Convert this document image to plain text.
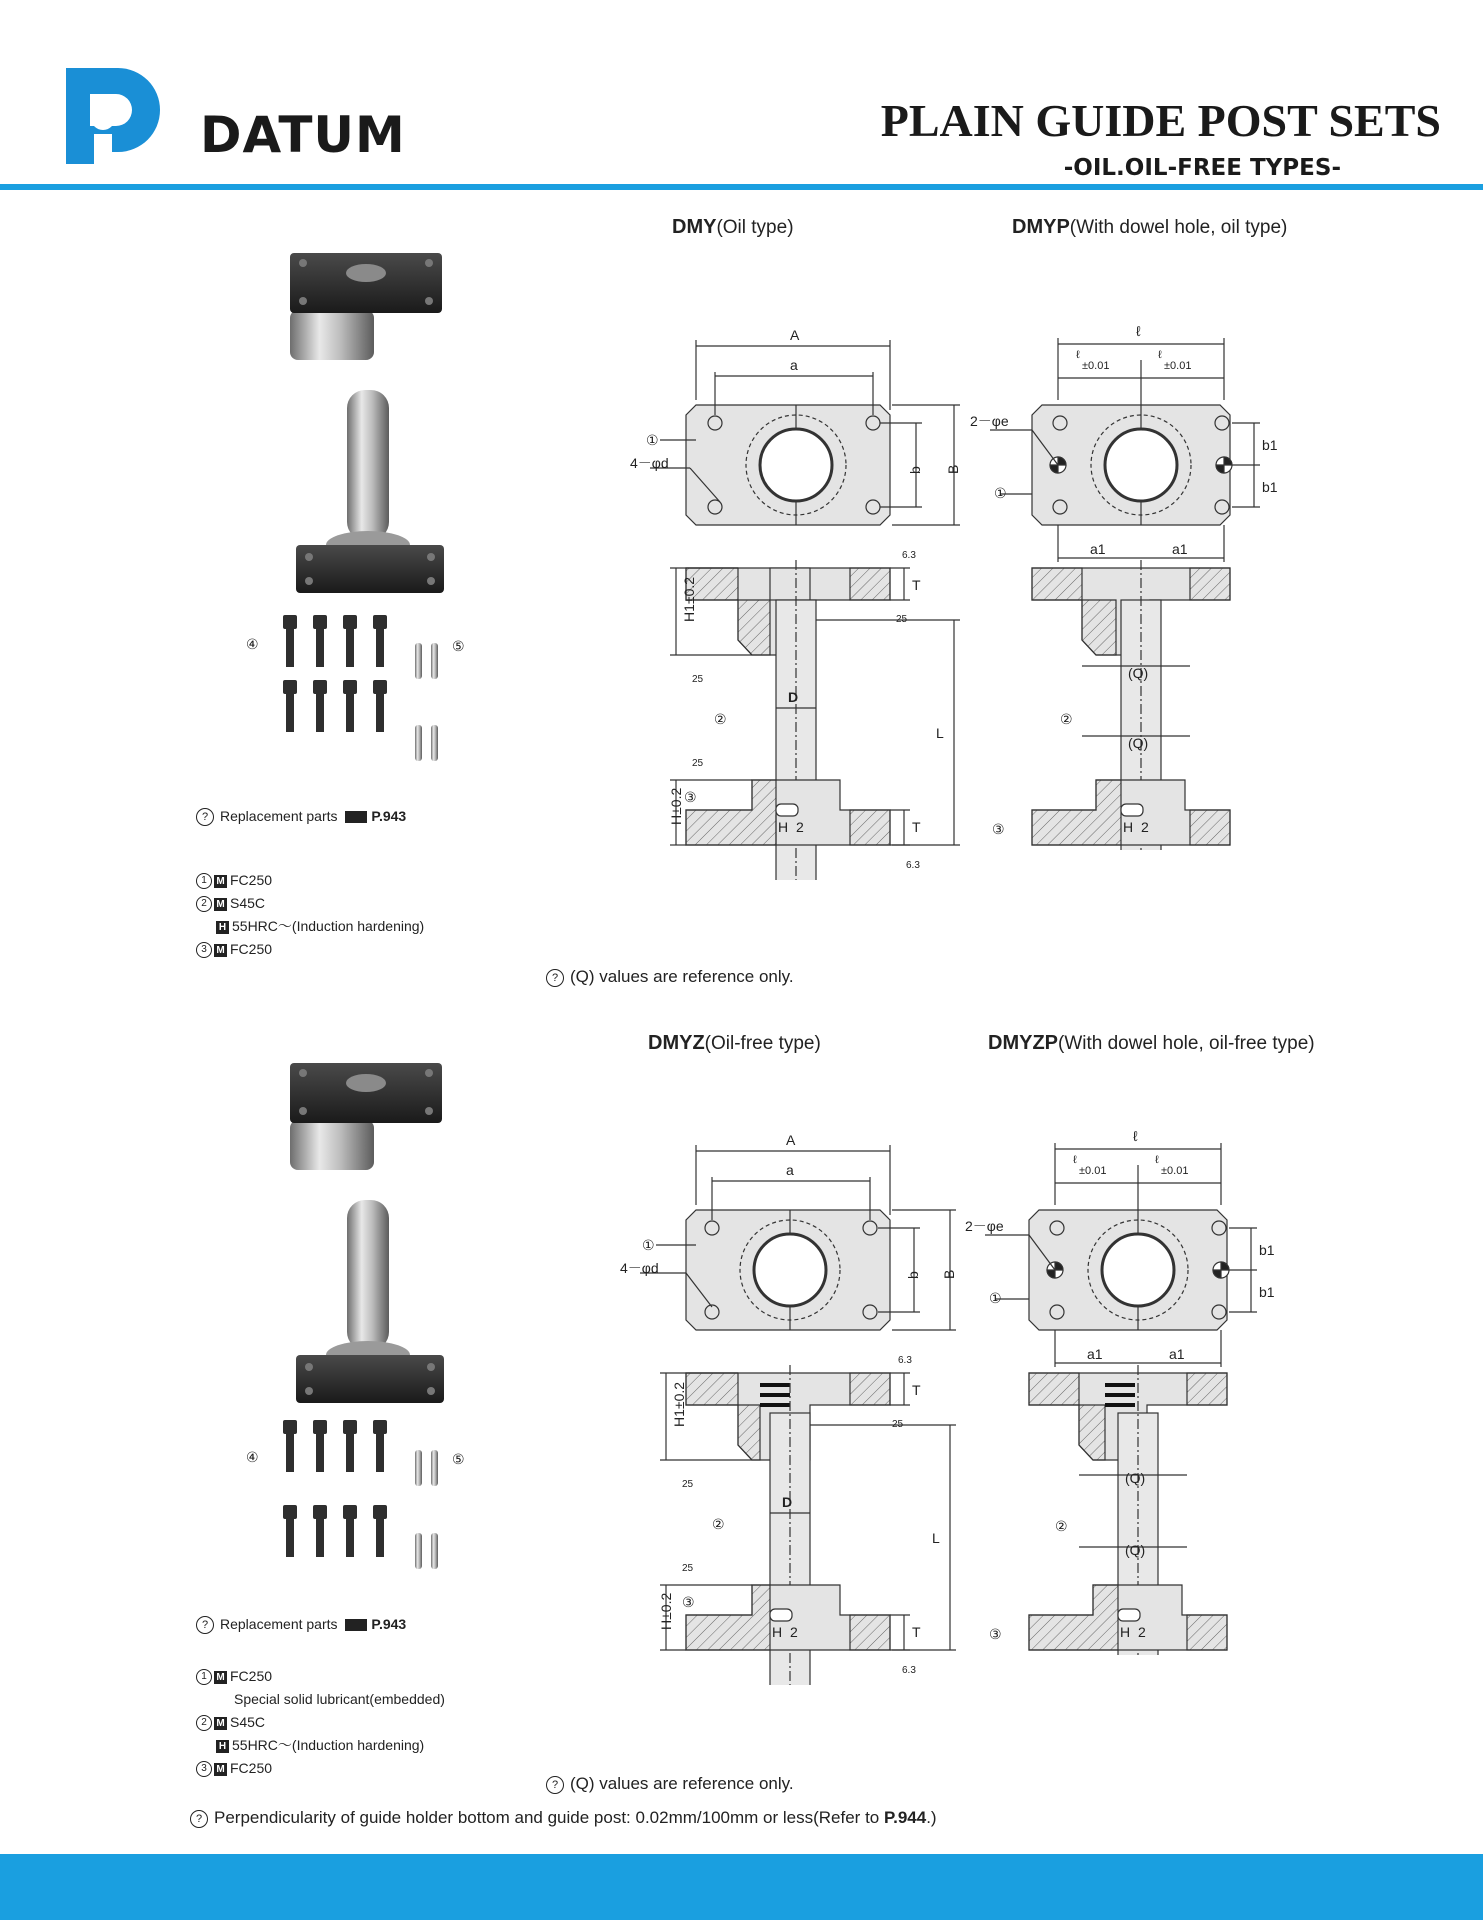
DATUM	PLAIN GUIDE POST SETS
-OIL.OIL-FREE TYPES-
DMY(Oil type)	DMYP(With dowel hole, oil type)
④	⑤
? Replacement parts P.943
1 M FC250
2 M S45C
H 55HRC～(Induction hardening)
3 M FC250
? (Q) values are reference only.
A
a
b B
4－φd
①
H1±0.2
H±0.2
T
T
L
D
②
③
H 2
6.3
25
25
25
6.3
ℓ
±0.01	±0.01
ℓ	ℓ
2－φe
①
b1
b1
a1	a1
(Q)
(Q)
②
③	H 2
DMYZ(Oil-free type)	DMYZP(With dowel hole, oil-free type)
④	⑤
? Replacement parts P.943
1 M FC250
Special solid lubricant(embedded)
2 M S45C
H 55HRC～(Induction hardening)
3 M FC250
? (Q) values are reference only.
A
a
b B
4－φd
①
H1±0.2
H±0.2
T
T
L
D
②
③
H 2
6.3
25
25
25
6.3
ℓ
±0.01	±0.01
ℓ	ℓ
2－φe
①
b1
b1
a1	a1
(Q)
(Q)
②
③	H 2
? Perpendicularity of guide holder bottom and guide post: 0.02mm/100mm or less(Refer to P.944.)
